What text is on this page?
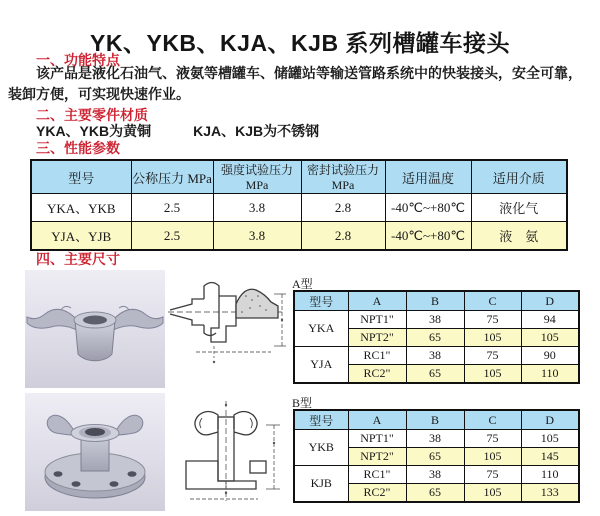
YK、YKB、KJA、KJB 系列槽罐车接头
一、功能特点

该产品是液化石油气、液氨等槽罐车、储罐站等输送管路系统中的快装接头，安全可靠，装卸方便，可实现快速作业。

二、主要零件材质
YKA、YKB为黄铜　　　KJA、KJB为不锈钢
三、性能参数
型号	公称压力 MPa	强度试验压力MPa	密封试验压力MPa	适用温度	适用介质
YKA、YKB	2.5	3.8	2.8	-40℃~+80℃	液化气
YJA、YJB	2.5	3.8	2.8	-40℃~+80℃	液　氨
四、主要尺寸
A型
型号	A	B	C	D
YKA	NPT1"	38	75	94
	NPT2"	65	105	105
YJA	RC1"	38	75	90
	RC2"	65	105	110
B型
型号	A	B	C	D
YKB	NPT1"	38	75	105
	NPT2"	65	105	145
KJB	RC1"	38	75	110
	RC2"	65	105	133
